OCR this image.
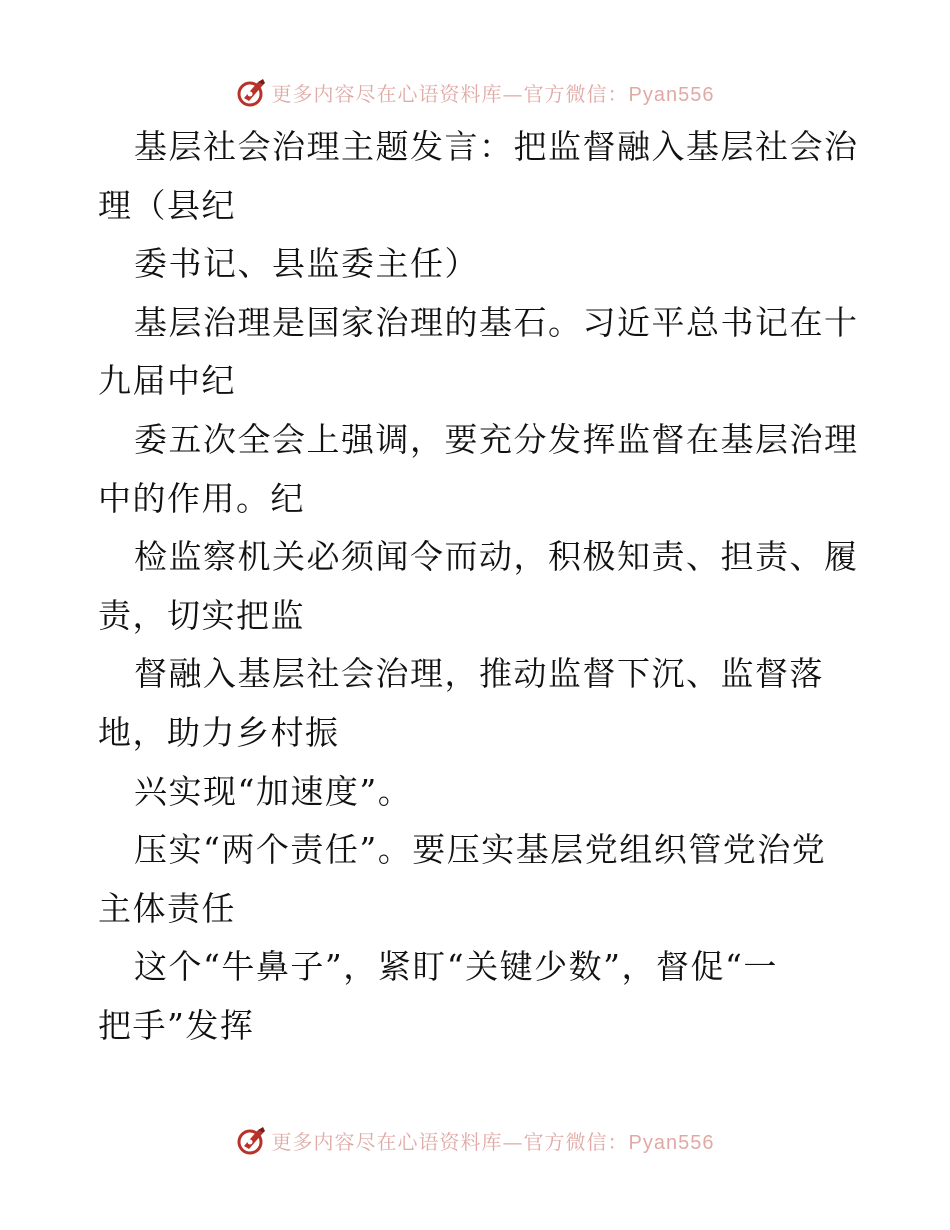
更多内容尽在心语资料库—官方微信：Pyan556
基层社会治理主题发言：把监督融入基层社会治
理（县纪
委书记、县监委主任）
基层治理是国家治理的基石。习近平总书记在十
九届中纪
委五次全会上强调，要充分发挥监督在基层治理
中的作用。纪
检监察机关必须闻令而动，积极知责、担责、履
责，切实把监
督融入基层社会治理，推动监督下沉、监督落
地，助力乡村振
兴实现“加速度”。
压实“两个责任”。要压实基层党组织管党治党
主体责任
这个“牛鼻子”，紧盯“关键少数”，督促“一
把手”发挥
更多内容尽在心语资料库—官方微信：Pyan556
